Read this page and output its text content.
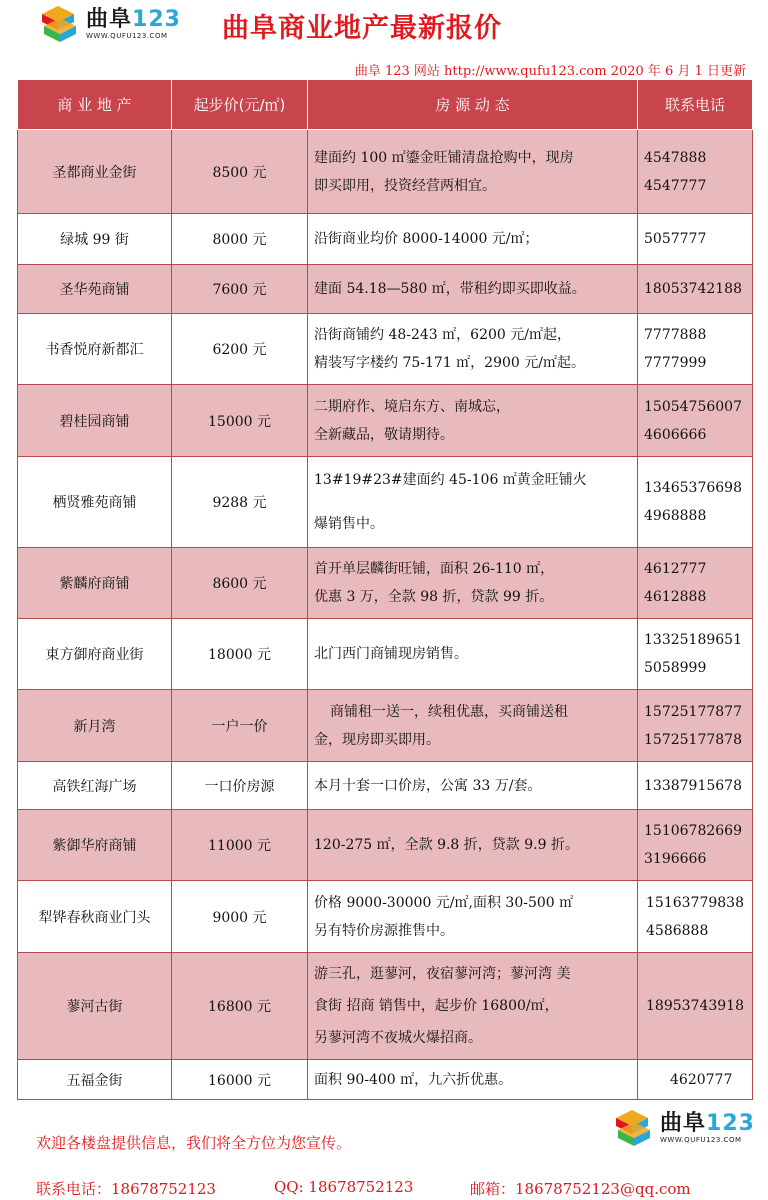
曲阜123
WWW.QUFU123.COM	曲阜商业地产最新报价
曲阜 123 网站 http://www.qufu123.com 2020 年 6 月 1 日更新
商 业 地 产	起步价(元/㎡)	房 源 动 态	联系电话
圣都商业金街	8500 元	建面约 100 ㎡鎏金旺铺清盘抢购中，现房
即买即用，投资经营两相宜。	4547888
4547777

绿城 99 街	8000 元	沿街商业均价 8000-14000 元/㎡；	5057777

圣华苑商铺	7600 元	建面 54.18—580 ㎡，带租约即买即收益。	18053742188

书香悦府新都汇	6200 元	沿街商铺约 48-243 ㎡，6200 元/㎡起，
精装写字楼约 75-171 ㎡，2900 元/㎡起。	7777888
7777999

碧桂园商铺	15000 元	二期府作、境启东方、南城忘，
全新藏品，敬请期待。	15054756007
4606666

栖贤雅苑商铺	9288 元	13#19#23#建面约 45-106 ㎡黄金旺铺火
爆销售中。	13465376698
4968888

紫麟府商铺	8600 元	首开单层麟街旺铺，面积 26-110 ㎡，
优惠 3 万，全款 98 折，贷款 99 折。	4612777
4612888

東方御府商业街	18000 元	北门西门商铺现房销售。	13325189651
5058999

新月湾	一户一价	商铺租一送一，续租优惠，买商铺送租
金，现房即买即用。	15725177877
15725177878

高铁红海广场	一口价房源	本月十套一口价房，公寓 33 万/套。	13387915678

紫御华府商铺	11000 元	120-275 ㎡，全款 9.8 折，贷款 9.9 折。	15106782669
3196666

犁铧春秋商业门头	9000 元	价格 9000-30000 元/㎡,面积 30-500 ㎡
另有特价房源推售中。	15163779838
4586888

蓼河古街	16800 元	游三孔，逛蓼河，夜宿蓼河湾；蓼河湾 美
食街 招商 销售中，起步价 16800/㎡，
另蓼河湾不夜城火爆招商。	18953743918

五福金街	16000 元	面积 90-400 ㎡，九六折优惠。	4620777
曲阜123
WWW.QUFU123.COM
欢迎各楼盘提供信息，我们将全方位为您宣传。
联系电话：18678752123	QQ: 18678752123	邮箱：18678752123@qq.com
